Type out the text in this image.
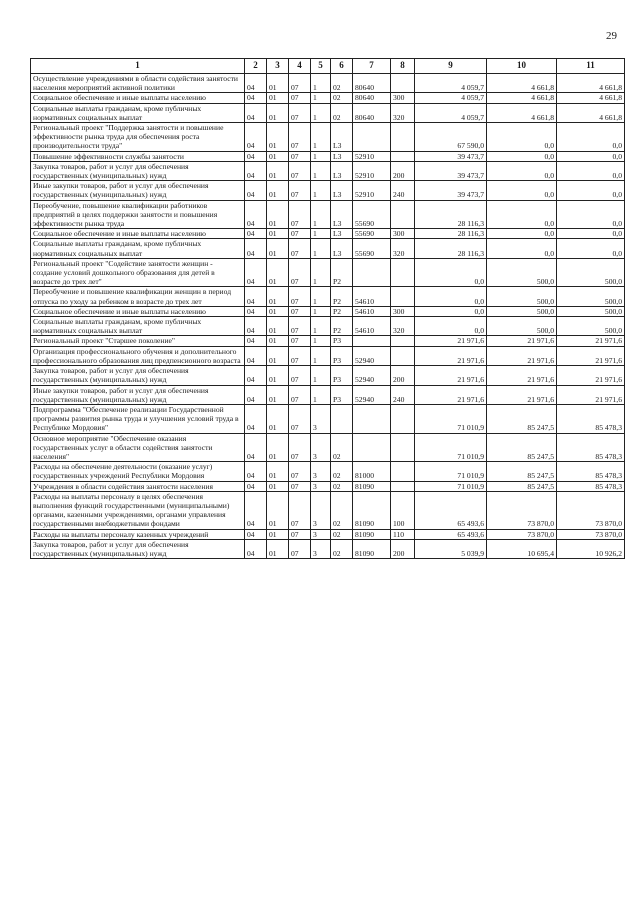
29
1	2	3	4	5	6	7	8	9	10	11
Осуществление учреждениями в области содействия занятости населения мероприятий активной политики	04	01	07	1	02	80640		4 059,7	4 661,8	4 661,8
Социальное обеспечение и иные выплаты населению	04	01	07	1	02	80640	300	4 059,7	4 661,8	4 661,8
Социальные выплаты гражданам, кроме публичных нормативных социальных выплат	04	01	07	1	02	80640	320	4 059,7	4 661,8	4 661,8
Региональный проект "Поддержка занятости и повышение эффективности рынка труда для обеспечения роста производительности труда"	04	01	07	1	L3			67 590,0	0,0	0,0
Повышение эффективности службы занятости	04	01	07	1	L3	52910		39 473,7	0,0	0,0
Закупка товаров, работ и услуг для обеспечения государственных (муниципальных) нужд	04	01	07	1	L3	52910	200	39 473,7	0,0	0,0
Иные закупки товаров, работ и услуг для обеспечения государственных (муниципальных) нужд	04	01	07	1	L3	52910	240	39 473,7	0,0	0,0
Переобучение, повышение квалификации работников предприятий в целях поддержки занятости и повышения эффективности рынка труда	04	01	07	1	L3	55690		28 116,3	0,0	0,0
Социальное обеспечение и иные выплаты населению	04	01	07	1	L3	55690	300	28 116,3	0,0	0,0
Социальные выплаты гражданам, кроме публичных нормативных социальных выплат	04	01	07	1	L3	55690	320	28 116,3	0,0	0,0
Региональный проект "Содействие занятости женщин - создание условий дошкольного образования для детей в возрасте до трех лет"	04	01	07	1	P2			0,0	500,0	500,0
Переобучение и повышение квалификации женщин в период отпуска по уходу за ребенком в возрасте до трех лет	04	01	07	1	P2	54610		0,0	500,0	500,0
Социальное обеспечение и иные выплаты населению	04	01	07	1	P2	54610	300	0,0	500,0	500,0
Социальные выплаты гражданам, кроме публичных нормативных социальных выплат	04	01	07	1	P2	54610	320	0,0	500,0	500,0
Региональный проект "Старшее поколение"	04	01	07	1	P3			21 971,6	21 971,6	21 971,6
Организация профессионального обучения и дополнительного профессионального образования лиц предпенсионного возраста	04	01	07	1	P3	52940		21 971,6	21 971,6	21 971,6
Закупка товаров, работ и услуг для обеспечения государственных (муниципальных) нужд	04	01	07	1	P3	52940	200	21 971,6	21 971,6	21 971,6
Иные закупки товаров, работ и услуг для обеспечения государственных (муниципальных) нужд	04	01	07	1	P3	52940	240	21 971,6	21 971,6	21 971,6
Подпрограмма "Обеспечение реализации Государственной программы развития рынка труда и улучшения условий труда в Республике Мордовия"	04	01	07	3				71 010,9	85 247,5	85 478,3
Основное мероприятие "Обеспечение оказания государственных услуг в области содействия занятости населения"	04	01	07	3	02			71 010,9	85 247,5	85 478,3
Расходы на обеспечение деятельности (оказание услуг) государственных учреждений Республики Мордовия	04	01	07	3	02	81000		71 010,9	85 247,5	85 478,3
Учреждения в области содействия занятости населения	04	01	07	3	02	81090		71 010,9	85 247,5	85 478,3
Расходы на выплаты персоналу в целях обеспечения выполнения функций государственными (муниципальными) органами, казенными учреждениями, органами управления государственными внебюджетными фондами	04	01	07	3	02	81090	100	65 493,6	73 870,0	73 870,0
Расходы на выплаты персоналу казенных учреждений	04	01	07	3	02	81090	110	65 493,6	73 870,0	73 870,0
Закупка товаров, работ и услуг для обеспечения государственных (муниципальных) нужд	04	01	07	3	02	81090	200	5 039,9	10 695,4	10 926,2
